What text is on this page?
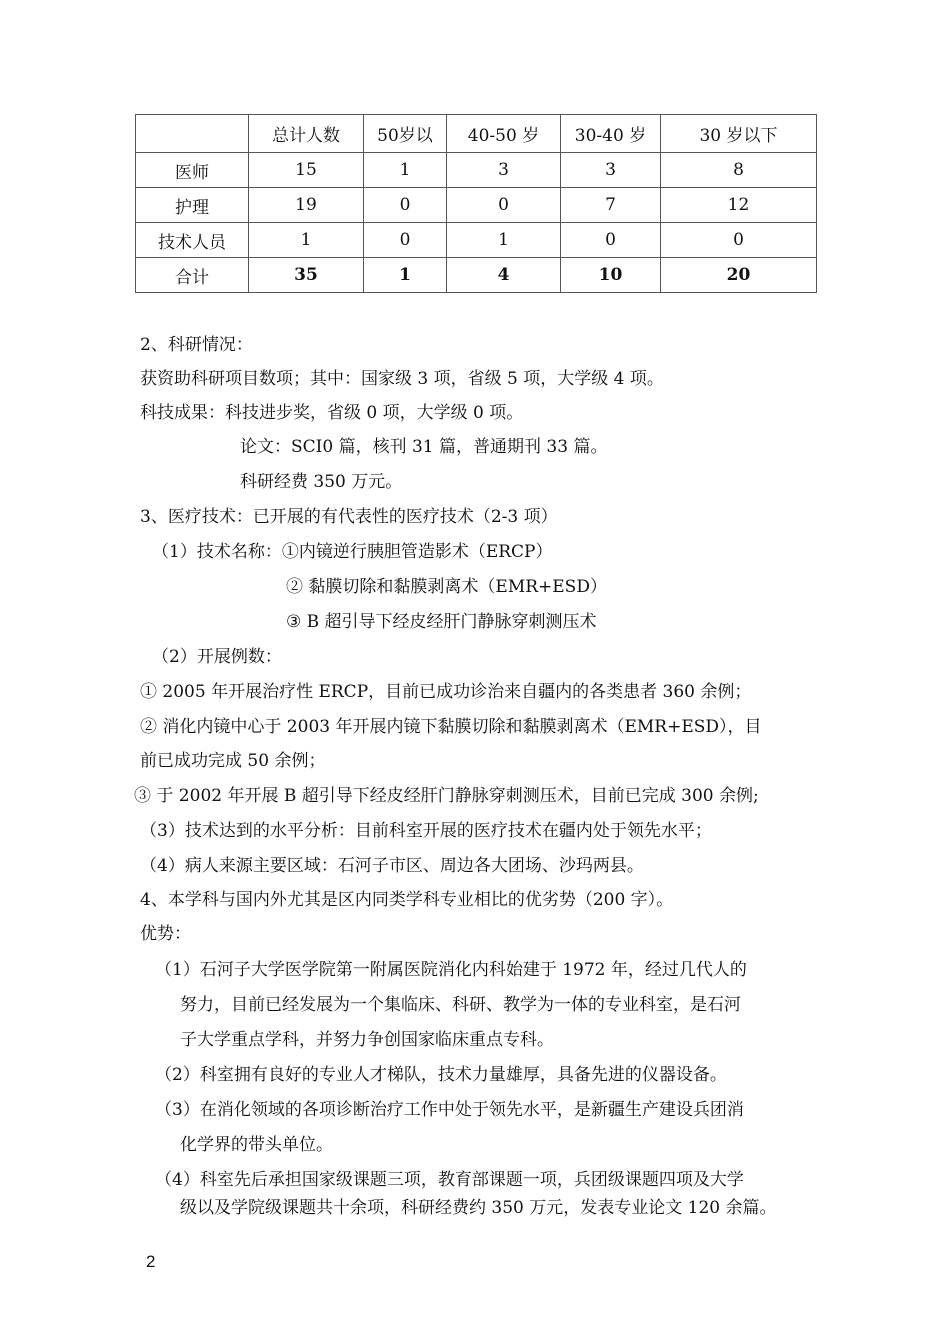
	总计人数	50岁以	40-50 岁	30-40 岁	30 岁以下
医师	15	1	3	3	8
护理	19	0	0	7	12
技术人员	1	0	1	0	0
合计	35	1	4	10	20
2、科研情况：
获资助科研项目数项；其中：国家级 3 项，省级 5 项，大学级 4 项。
科技成果：科技进步奖，省级 0 项，大学级 0 项。
论文：SCI0 篇，核刊 31 篇，普通期刊 33 篇。
科研经费 350 万元。
3、医疗技术：已开展的有代表性的医疗技术（2-3 项）
（1）技术名称：①内镜逆行胰胆管造影术（ERCP）
② 黏膜切除和黏膜剥离术（EMR+ESD）
③ B 超引导下经皮经肝门静脉穿刺测压术
（2）开展例数：
① 2005 年开展治疗性 ERCP，目前已成功诊治来自疆内的各类患者 360 余例；
② 消化内镜中心于 2003 年开展内镜下黏膜切除和黏膜剥离术（EMR+ESD），目
前已成功完成 50 余例；
③ 于 2002 年开展 B 超引导下经皮经肝门静脉穿刺测压术，目前已完成 300 余例;
（3）技术达到的水平分析：目前科室开展的医疗技术在疆内处于领先水平；
（4）病人来源主要区域：石河子市区、周边各大团场、沙玛两县。
4、本学科与国内外尤其是区内同类学科专业相比的优劣势（200 字）。
优势：
（1）石河子大学医学院第一附属医院消化内科始建于 1972 年，经过几代人的
努力，目前已经发展为一个集临床、科研、教学为一体的专业科室，是石河
子大学重点学科，并努力争创国家临床重点专科。
（2）科室拥有良好的专业人才梯队，技术力量雄厚，具备先进的仪器设备。
（3）在消化领域的各项诊断治疗工作中处于领先水平，是新疆生产建设兵团消
化学界的带头单位。
（4）科室先后承担国家级课题三项，教育部课题一项，兵团级课题四项及大学
级以及学院级课题共十余项，科研经费约 350 万元，发表专业论文 120 余篇。
2
